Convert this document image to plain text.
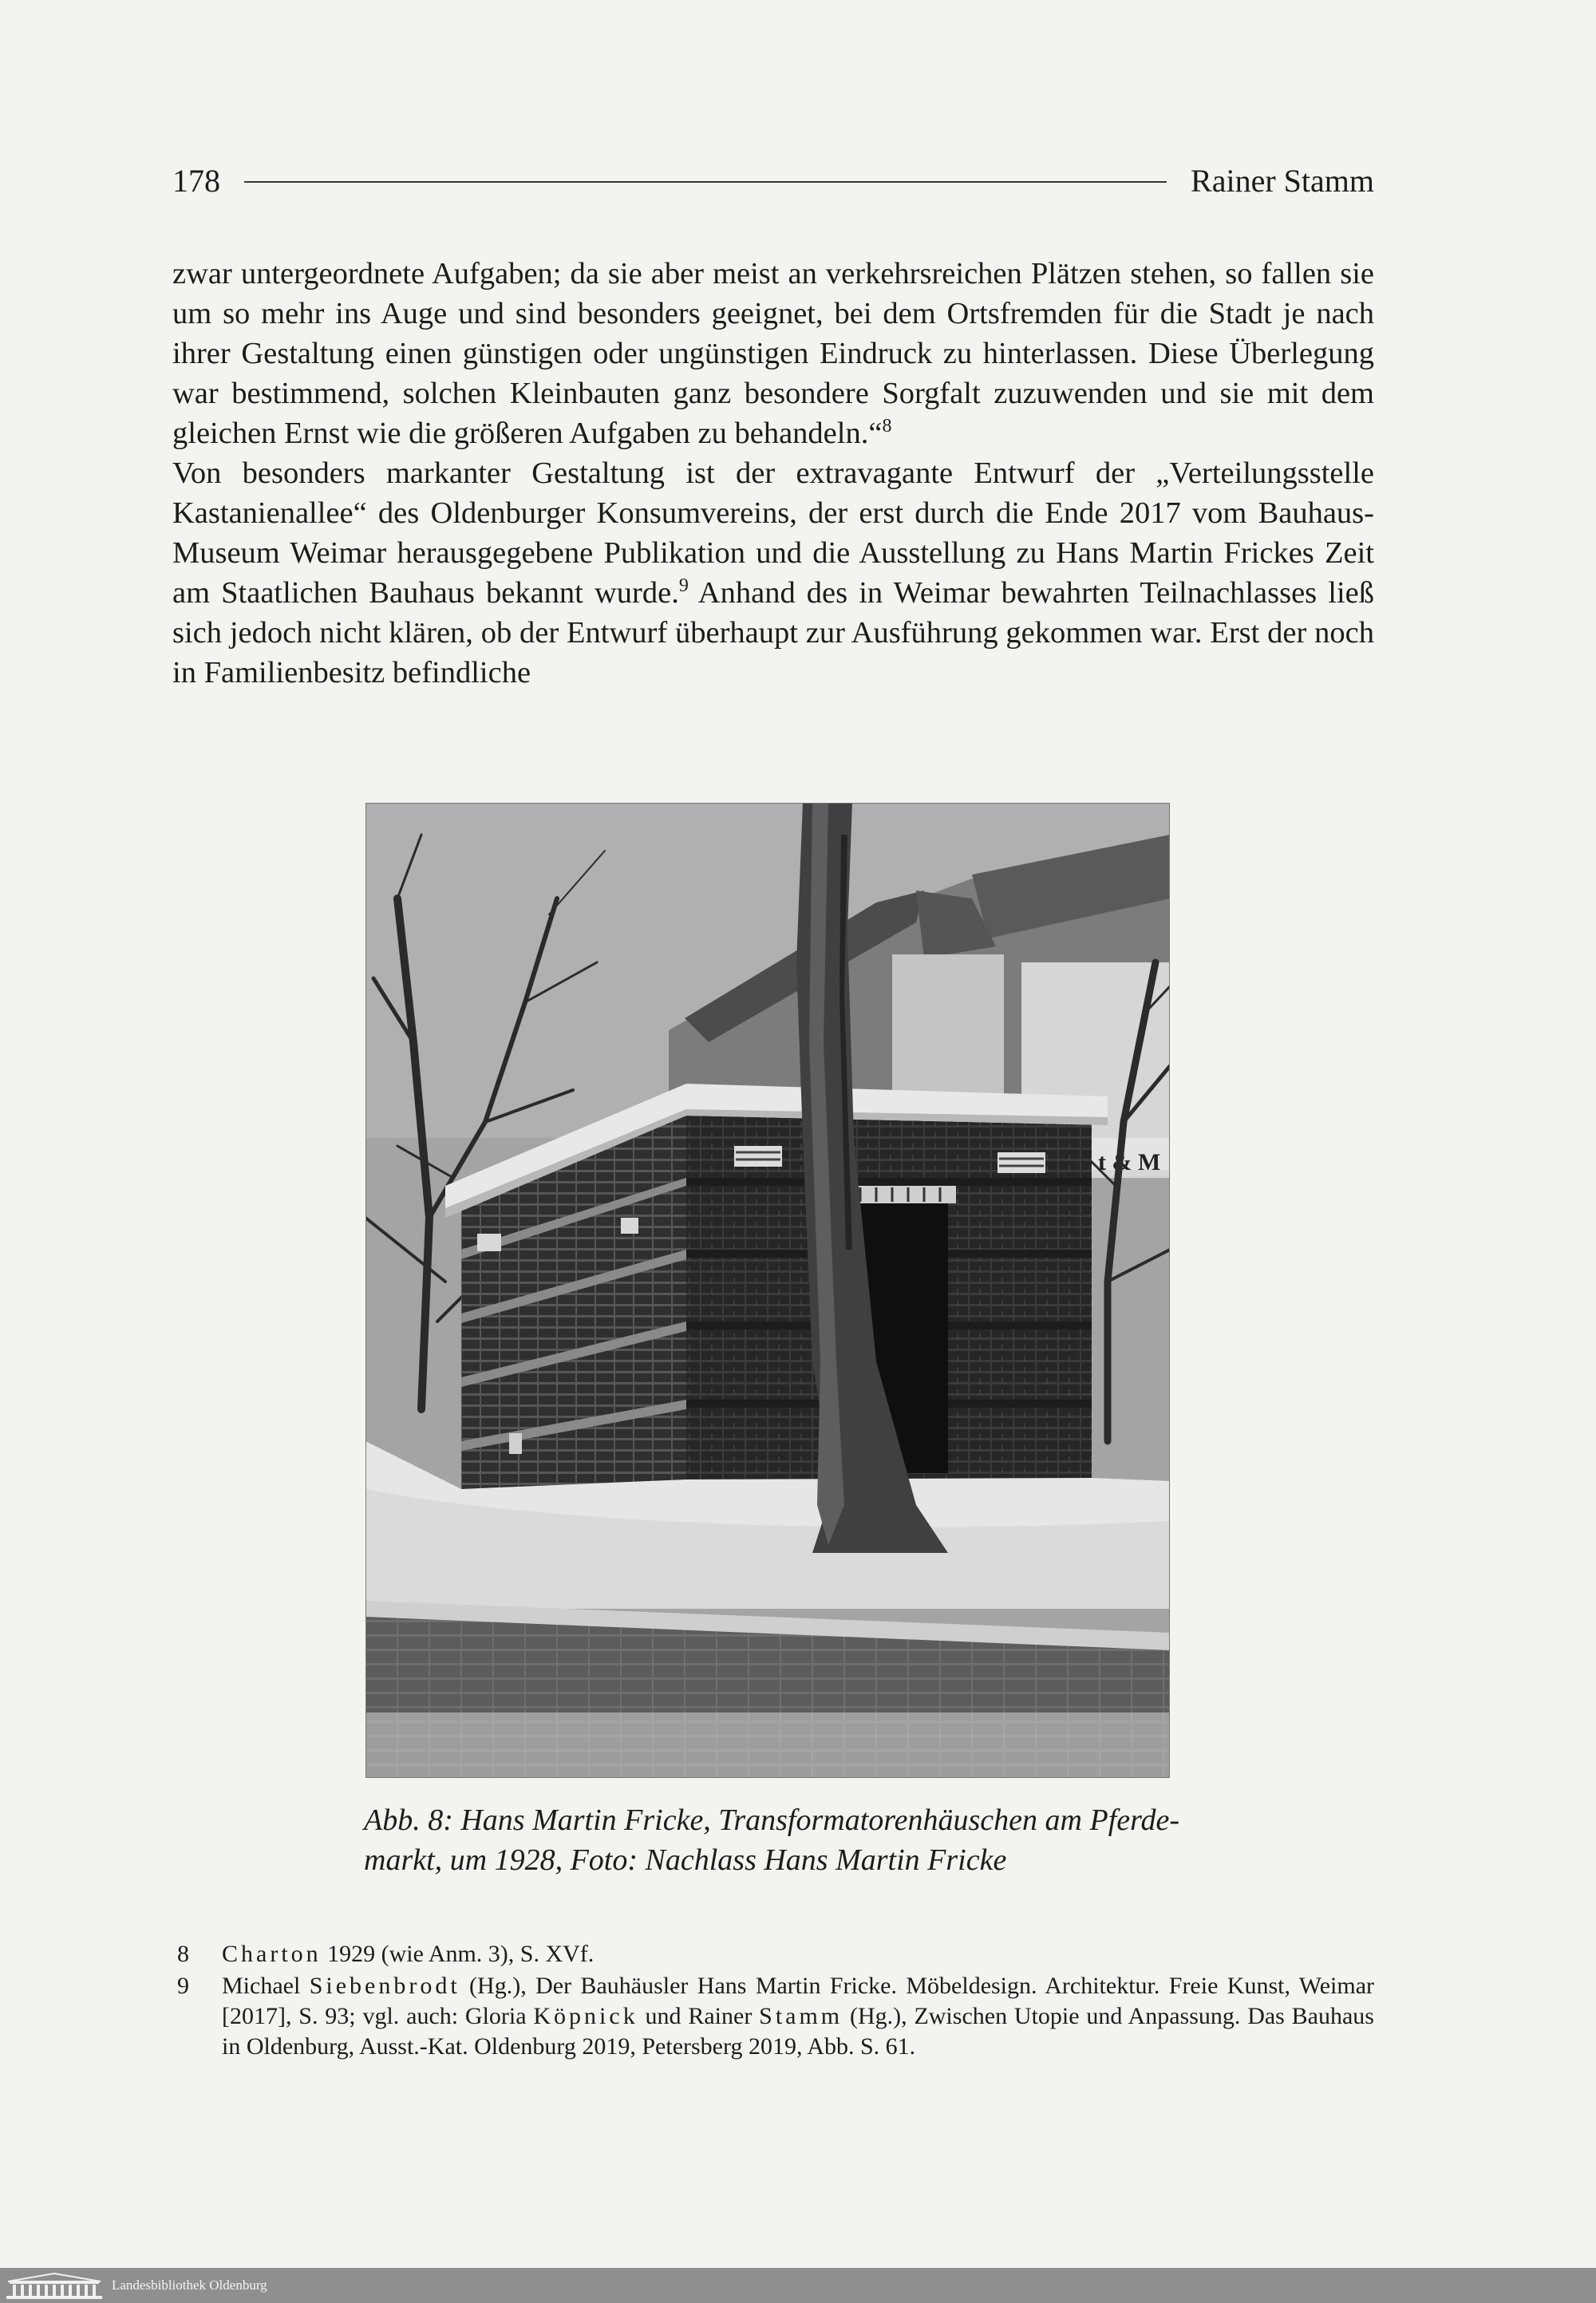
178	Rainer Stamm

zwar untergeordnete Aufgaben; da sie aber meist an verkehrsreichen Plätzen stehen, so fallen sie um so mehr ins Auge und sind besonders geeignet, bei dem Ortsfremden für die Stadt je nach ihrer Gestaltung einen günstigen oder ungünstigen Eindruck zu hinterlassen. Diese Überlegung war bestimmend, solchen Kleinbauten ganz besondere Sorgfalt zuzuwenden und sie mit dem gleichen Ernst wie die größeren Aufgaben zu behandeln.“$^8$

Von besonders markanter Gestaltung ist der extravagante Entwurf der „Verteilungsstelle Kastanienallee“ des Oldenburger Konsumvereins, der erst durch die Ende 2017 vom Bauhaus-Museum Weimar herausgegebene Publikation und die Ausstellung zu Hans Martin Frickes Zeit am Staatlichen Bauhaus bekannt wurde.$^9$ Anhand des in Weimar bewahrten Teilnachlasses ließ sich jedoch nicht klären, ob der Entwurf überhaupt zur Ausführung gekommen war. Erst der noch in Familienbesitz befindliche

t & M
Abb. 8: Hans Martin Fricke, Transformatorenhäuschen am Pferde-
markt, um 1928, Foto: Nachlass Hans Martin Fricke
8	Charton 1929 (wie Anm. 3), S. XVf.
9	Michael Siebenbrodt (Hg.), Der Bauhäusler Hans Martin Fricke. Möbeldesign. Architektur. Freie Kunst, Weimar [2017], S. 93; vgl. auch: Gloria Köpnick und Rainer Stamm (Hg.), Zwischen Utopie und Anpassung. Das Bauhaus in Oldenburg, Ausst.-Kat. Oldenburg 2019, Petersberg 2019, Abb. S. 61.
Landesbibliothek Oldenburg
